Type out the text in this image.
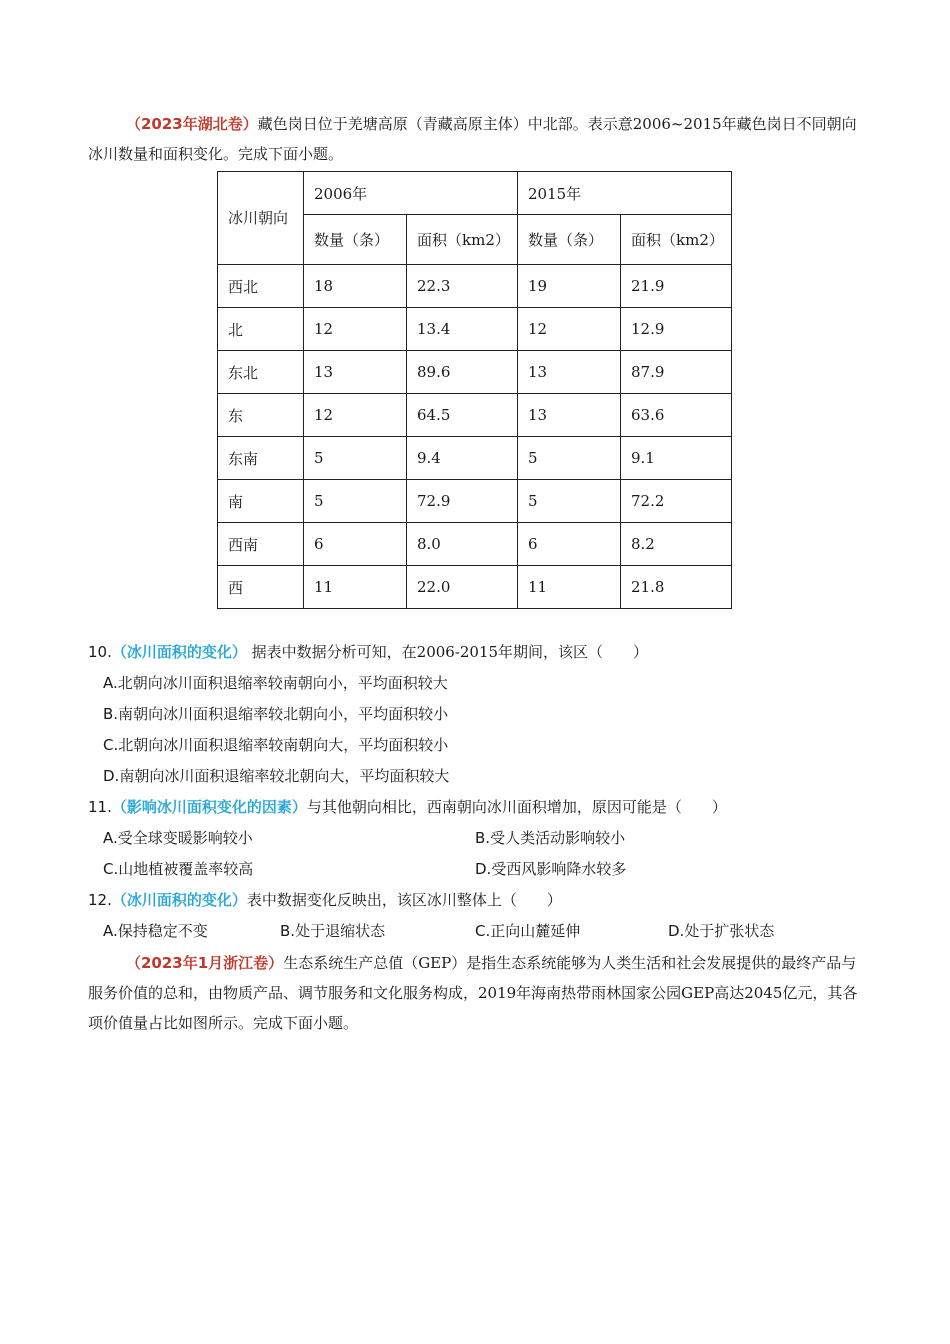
（2023年湖北卷）藏色岗日位于羌塘高原（青藏高原主体）中北部。表示意2006~2015年藏色岗日不同朝向冰川数量和面积变化。完成下面小题。
冰川朝向	2006年		2015年	
	数量（条）	面积（km2）	数量（条）	面积（km2）
西北	18	22.3	19	21.9
北	12	13.4	12	12.9
东北	13	89.6	13	87.9
东	12	64.5	13	63.6
东南	5	9.4	5	9.1
南	5	72.9	5	72.2
西南	6	8.0	6	8.2
西	11	22.0	11	21.8
10.（冰川面积的变化） 据表中数据分析可知，在2006-2015年期间，该区（　　）
A.北朝向冰川面积退缩率较南朝向小，平均面积较大
B.南朝向冰川面积退缩率较北朝向小，平均面积较小
C.北朝向冰川面积退缩率较南朝向大，平均面积较小
D.南朝向冰川面积退缩率较北朝向大，平均面积较大
11.（影响冰川面积变化的因素）与其他朝向相比，西南朝向冰川面积增加，原因可能是（　　）
A.受全球变暖影响较小	B.受人类活动影响较小
C.山地植被覆盖率较高	D.受西风影响降水较多
12.（冰川面积的变化）表中数据变化反映出，该区冰川整体上（　　）
A.保持稳定不变	B.处于退缩状态	C.正向山麓延伸	D.处于扩张状态
（2023年1月浙江卷）生态系统生产总值（GEP）是指生态系统能够为人类生活和社会发展提供的最终产品与服务价值的总和，由物质产品、调节服务和文化服务构成，2019年海南热带雨林国家公园GEP高达2045亿元，其各项价值量占比如图所示。完成下面小题。
